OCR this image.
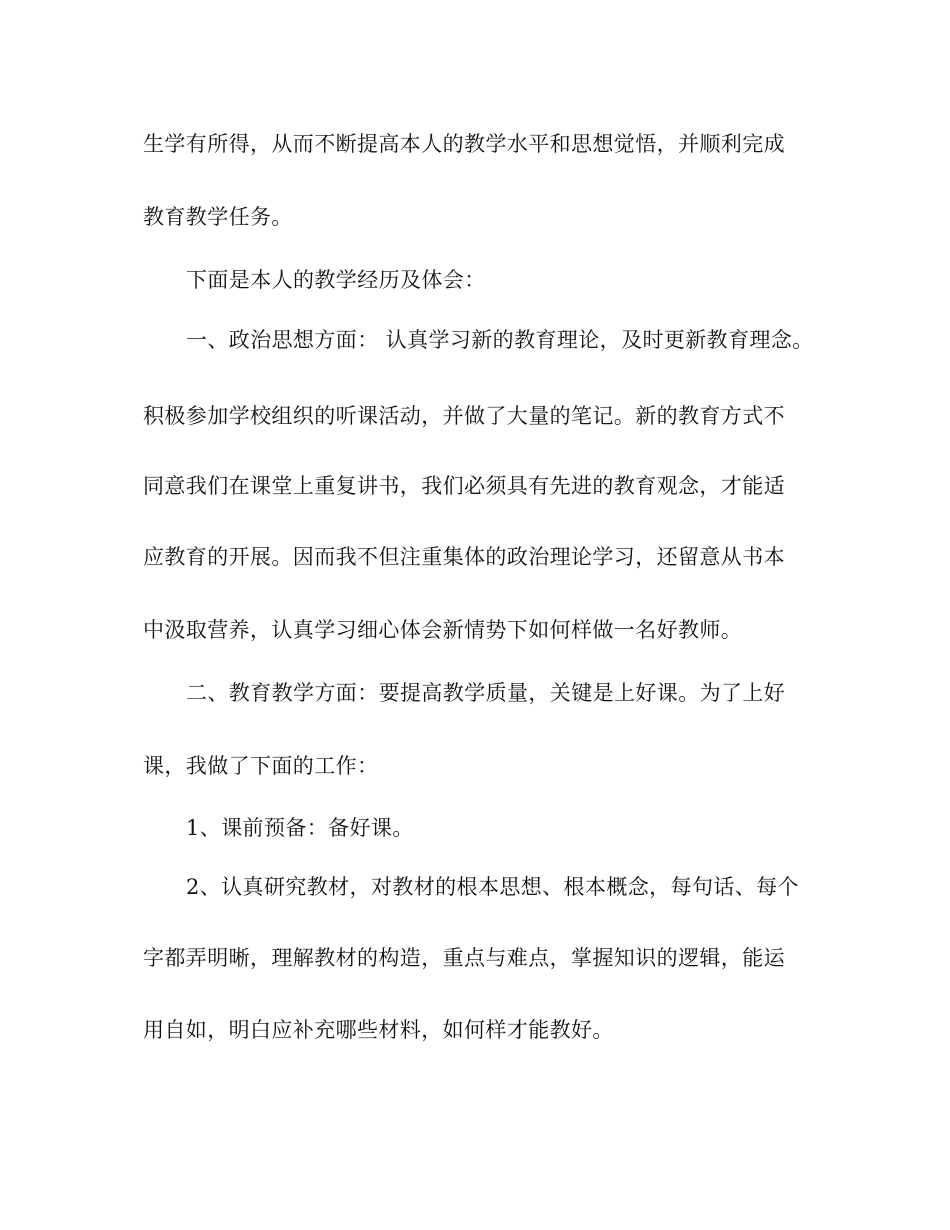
生学有所得，从而不断提高本人的教学水平和思想觉悟，并顺利完成
教育教学任务。
下面是本人的教学经历及体会：
一、政治思想方面： 认真学习新的教育理论，及时更新教育理念。
积极参加学校组织的听课活动，并做了大量的笔记。新的教育方式不
同意我们在课堂上重复讲书，我们必须具有先进的教育观念，才能适
应教育的开展。因而我不但注重集体的政治理论学习，还留意从书本
中汲取营养，认真学习细心体会新情势下如何样做一名好教师。
二、教育教学方面：要提高教学质量，关键是上好课。为了上好
课，我做了下面的工作：
1、课前预备：备好课。
2、认真研究教材，对教材的根本思想、根本概念，每句话、每个
字都弄明晰，理解教材的构造，重点与难点，掌握知识的逻辑，能运
用自如，明白应补充哪些材料，如何样才能教好。
